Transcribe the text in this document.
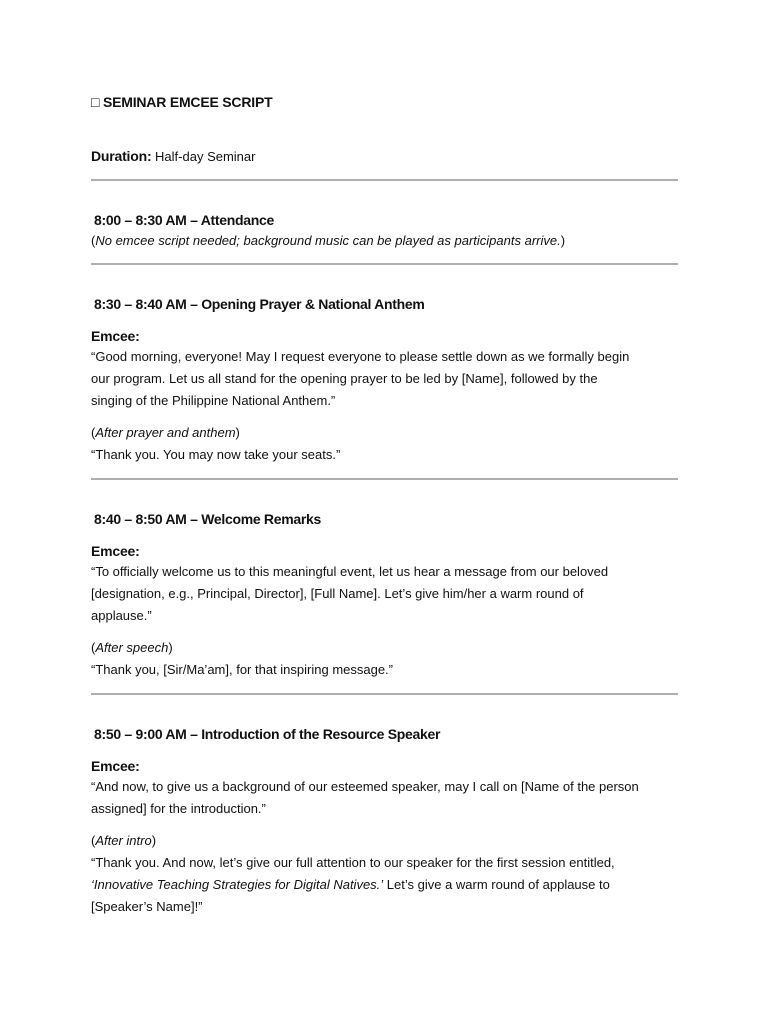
□ SEMINAR EMCEE SCRIPT
Duration: Half-day Seminar
8:00 – 8:30 AM – Attendance
(No emcee script needed; background music can be played as participants arrive.)
8:30 – 8:40 AM – Opening Prayer & National Anthem
Emcee:
“Good morning, everyone! May I request everyone to please settle down as we formally begin
our program. Let us all stand for the opening prayer to be led by [Name], followed by the
singing of the Philippine National Anthem.”
(After prayer and anthem)
“Thank you. You may now take your seats.”
8:40 – 8:50 AM – Welcome Remarks
Emcee:
“To officially welcome us to this meaningful event, let us hear a message from our beloved
[designation, e.g., Principal, Director], [Full Name]. Let’s give him/her a warm round of
applause.”
(After speech)
“Thank you, [Sir/Ma’am], for that inspiring message.”
8:50 – 9:00 AM – Introduction of the Resource Speaker
Emcee:
“And now, to give us a background of our esteemed speaker, may I call on [Name of the person
assigned] for the introduction.”
(After intro)
“Thank you. And now, let’s give our full attention to our speaker for the first session entitled,
‘Innovative Teaching Strategies for Digital Natives.’ Let’s give a warm round of applause to
[Speaker’s Name]!”
